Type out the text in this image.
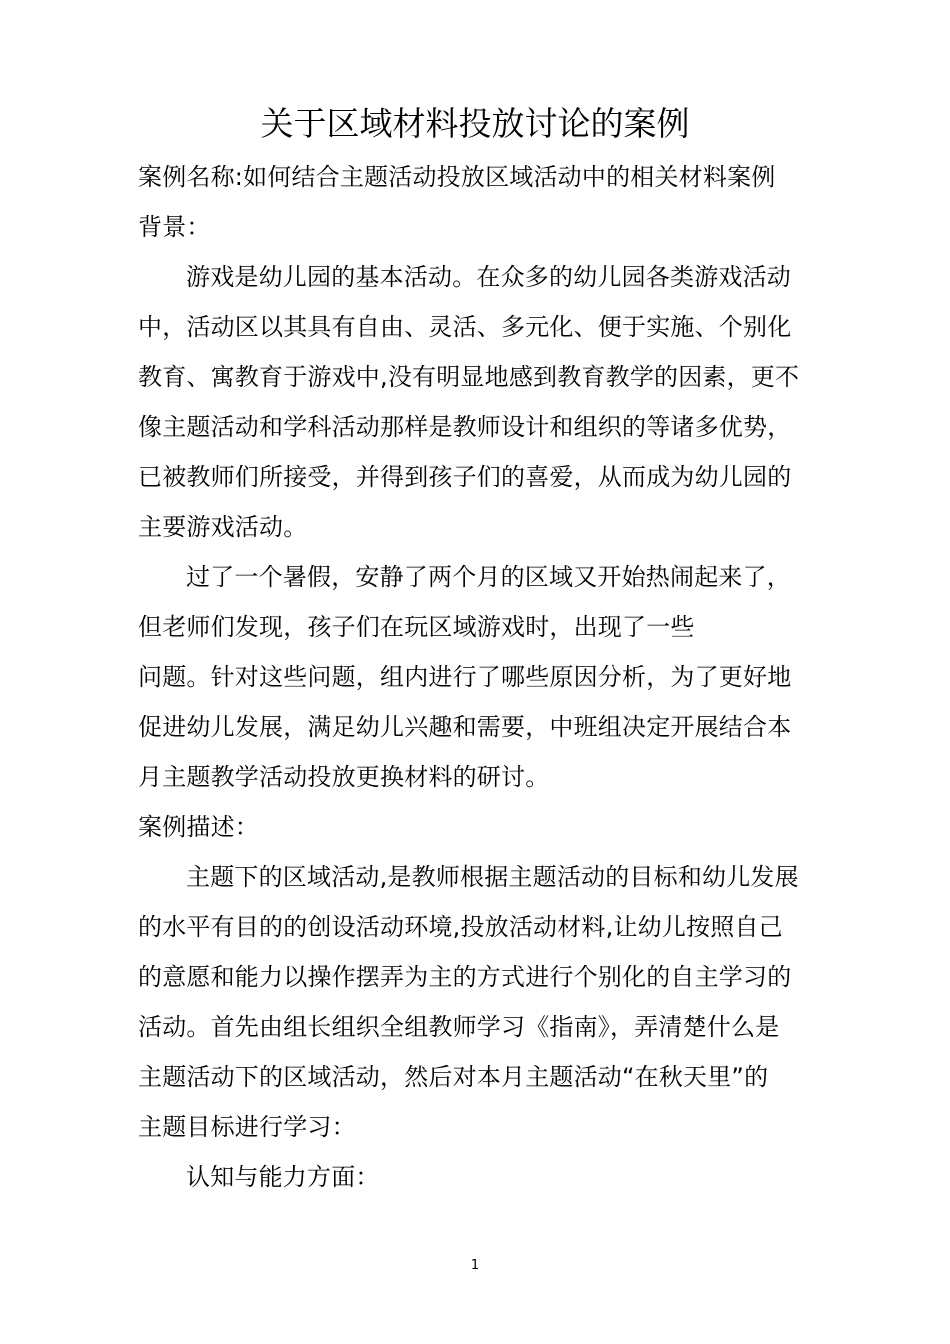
关于区域材料投放讨论的案例
案例名称:如何结合主题活动投放区域活动中的相关材料案例
背景：
游戏是幼儿园的基本活动。在众多的幼儿园各类游戏活动
中，活动区以其具有自由、灵活、多元化、便于实施、个别化
教育、寓教育于游戏中,没有明显地感到教育教学的因素，更不
像主题活动和学科活动那样是教师设计和组织的等诸多优势，
已被教师们所接受，并得到孩子们的喜爱，从而成为幼儿园的
主要游戏活动。
过了一个暑假，安静了两个月的区域又开始热闹起来了，
但老师们发现，孩子们在玩区域游戏时，出现了一些
问题。针对这些问题，组内进行了哪些原因分析，为了更好地
促进幼儿发展，满足幼儿兴趣和需要，中班组决定开展结合本
月主题教学活动投放更换材料的研讨。
案例描述：
主题下的区域活动,是教师根据主题活动的目标和幼儿发展
的水平有目的的创设活动环境,投放活动材料,让幼儿按照自己
的意愿和能力以操作摆弄为主的方式进行个别化的自主学习的
活动。首先由组长组织全组教师学习《指南》，弄清楚什么是
主题活动下的区域活动，然后对本月主题活动“在秋天里”的
主题目标进行学习：
认知与能力方面：
1
